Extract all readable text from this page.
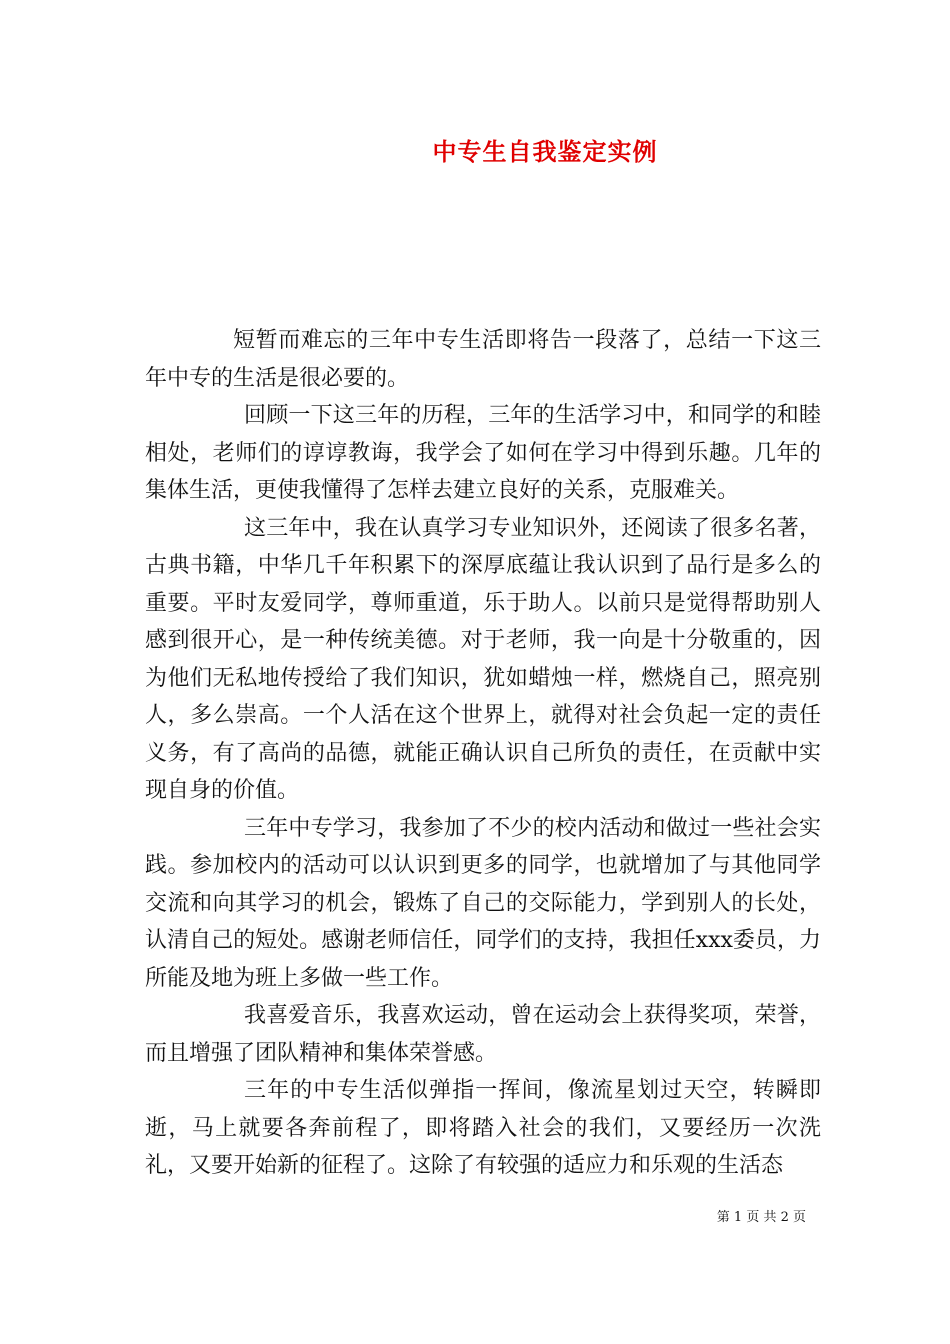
中专生自我鉴定实例

短暂而难忘的三年中专生活即将告一段落了，总结一下这三年中专的生活是很必要的。

回顾一下这三年的历程，三年的生活学习中，和同学的和睦相处，老师们的谆谆教诲，我学会了如何在学习中得到乐趣。几年的集体生活，更使我懂得了怎样去建立良好的关系，克服难关。

这三年中，我在认真学习专业知识外，还阅读了很多名著，古典书籍，中华几千年积累下的深厚底蕴让我认识到了品行是多么的重要。平时友爱同学，尊师重道，乐于助人。以前只是觉得帮助别人感到很开心，是一种传统美德。对于老师，我一向是十分敬重的，因为他们无私地传授给了我们知识，犹如蜡烛一样，燃烧自己，照亮别人，多么崇高。一个人活在这个世界上，就得对社会负起一定的责任义务，有了高尚的品德，就能正确认识自己所负的责任，在贡献中实现自身的价值。

三年中专学习，我参加了不少的校内活动和做过一些社会实践。参加校内的活动可以认识到更多的同学，也就增加了与其他同学交流和向其学习的机会，锻炼了自己的交际能力，学到别人的长处，认清自己的短处。感谢老师信任，同学们的支持，我担任xxx委员，力所能及地为班上多做一些工作。

我喜爱音乐，我喜欢运动，曾在运动会上获得奖项，荣誉，而且增强了团队精神和集体荣誉感。

三年的中专生活似弹指一挥间，像流星划过天空，转瞬即逝，马上就要各奔前程了，即将踏入社会的我们，又要经历一次洗礼，又要开始新的征程了。这除了有较强的适应力和乐观的生活态

第 1 页 共 2 页
